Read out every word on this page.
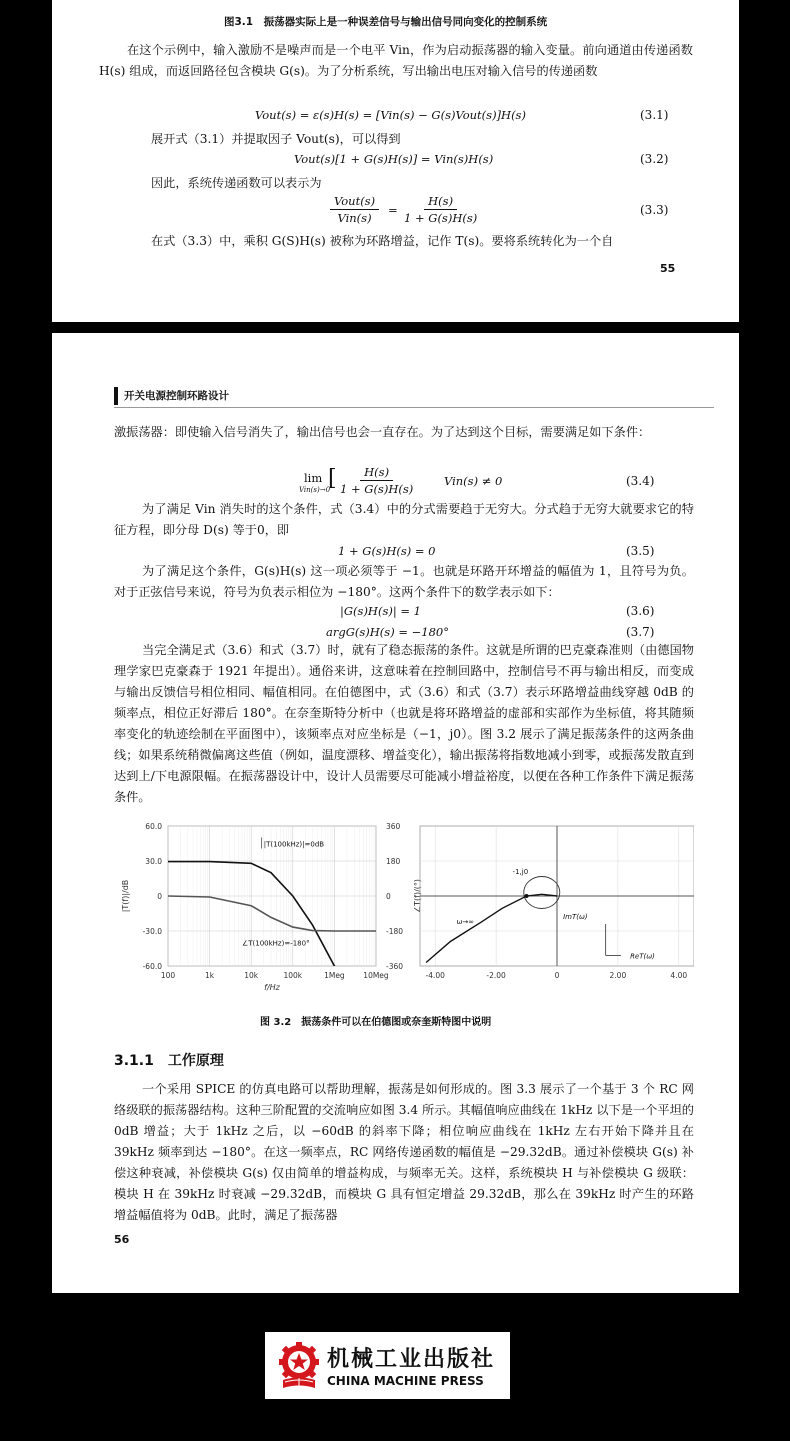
图3.1　振荡器实际上是一种误差信号与输出信号同向变化的控制系统
在这个示例中，输入激励不是噪声而是一个电平 Vin，作为启动振荡器的输入变量。前向通道由传递函数 H(s) 组成，而返回路径包含模块 G(s)。为了分析系统，写出输出电压对输入信号的传递函数
Vout(s) = ε(s)H(s) = [Vin(s) − G(s)Vout(s)]H(s)	(3.1)
展开式（3.1）并提取因子 Vout(s)，可以得到
Vout(s)[1 + G(s)H(s)] = Vin(s)H(s)	(3.2)
因此，系统传递函数可以表示为
Vout(s)
Vin(s)
= $\frac{H(s)}{1 + G(s)H(s)}$	(3.3)
在式（3.3）中，乘积 G(S)H(s) 被称为环路增益，记作 T(s)。要将系统转化为一个自
55
开关电源控制环路设计
激振荡器：即使输入信号消失了，输出信号也会一直存在。为了达到这个目标，需要满足如下条件：
lim
Vin(s)→0
[ $\frac{H(s)}{1 + G(s)H(s)} Vin(s) \ne 0$	(3.4)
为了满足 Vin 消失时的这个条件，式（3.4）中的分式需要趋于无穷大。分式趋于无穷大就要求它的特征方程，即分母 D(s) 等于0，即
1 + G(s)H(s) = 0	(3.5)
为了满足这个条件，G(s)H(s) 这一项必须等于 −1。也就是环路开环增益的幅值为 1，且符号为负。对于正弦信号来说，符号为负表示相位为 −180°。这两个条件下的数学表示如下：
|G(s)H(s)| = 1	(3.6)
argG(s)H(s) = −180°	(3.7)
当完全满足式（3.6）和式（3.7）时，就有了稳态振荡的条件。这就是所谓的巴克豪森准则（由德国物理学家巴克豪森于 1921 年提出）。通俗来讲，这意味着在控制回路中，控制信号不再与输出相反，而变成与输出反馈信号相位相同、幅值相同。在伯德图中，式（3.6）和式（3.7）表示环路增益曲线穿越 0dB 的频率点，相位正好滞后 180°。在奈奎斯特分析中（也就是将环路增益的虚部和实部作为坐标值，将其随频率变化的轨迹绘制在平面图中），该频率点对应坐标是（−1，j0）。图 3.2 展示了满足振荡条件的这两条曲线；如果系统稍微偏离这些值（例如，温度漂移、增益变化），输出振荡将指数地减小到零，或振荡发散直到达到上/下电源限幅。在振荡器设计中，设计人员需要尽可能减小增益裕度，以便在各种工作条件下满足振荡条件。
100	1k	10k	100k	1Meg 10Meg
60.0
30.0
0
-30.0
-60.0
360
180
0
-180
-360
f/Hz
|T(f)|/dB	∠T(f)/(°)
|T(100kHz)|=0dB
∠T(100kHz)=-180°
-4.00	-2.00	0	2.00	4.00
-1,j0
ω→∞
ImT(ω)
ReT(ω)
图 3.2　振荡条件可以在伯德图或奈奎斯特图中说明
3.1.1　工作原理
一个采用 SPICE 的仿真电路可以帮助理解，振荡是如何形成的。图 3.3 展示了一个基于 3 个 RC 网络级联的振荡器结构。这种三阶配置的交流响应如图 3.4 所示。其幅值响应曲线在 1kHz 以下是一个平坦的 0dB 增益；大于 1kHz 之后，以 −60dB 的斜率下降；相位响应曲线在 1kHz 左右开始下降并且在 39kHz 频率到达 −180°。在这一频率点，RC 网络传递函数的幅值是 −29.32dB。通过补偿模块 G(s) 补偿这种衰减，补偿模块 G(s) 仅由简单的增益构成，与频率无关。这样，系统模块 H 与补偿模块 G 级联：模块 H 在 39kHz 时衰减 −29.32dB，而模块 G 具有恒定增益 29.32dB，那么在 39kHz 时产生的环路增益幅值将为 0dB。此时，满足了振荡器
56
机械工业出版社
CHINA MACHINE PRESS
